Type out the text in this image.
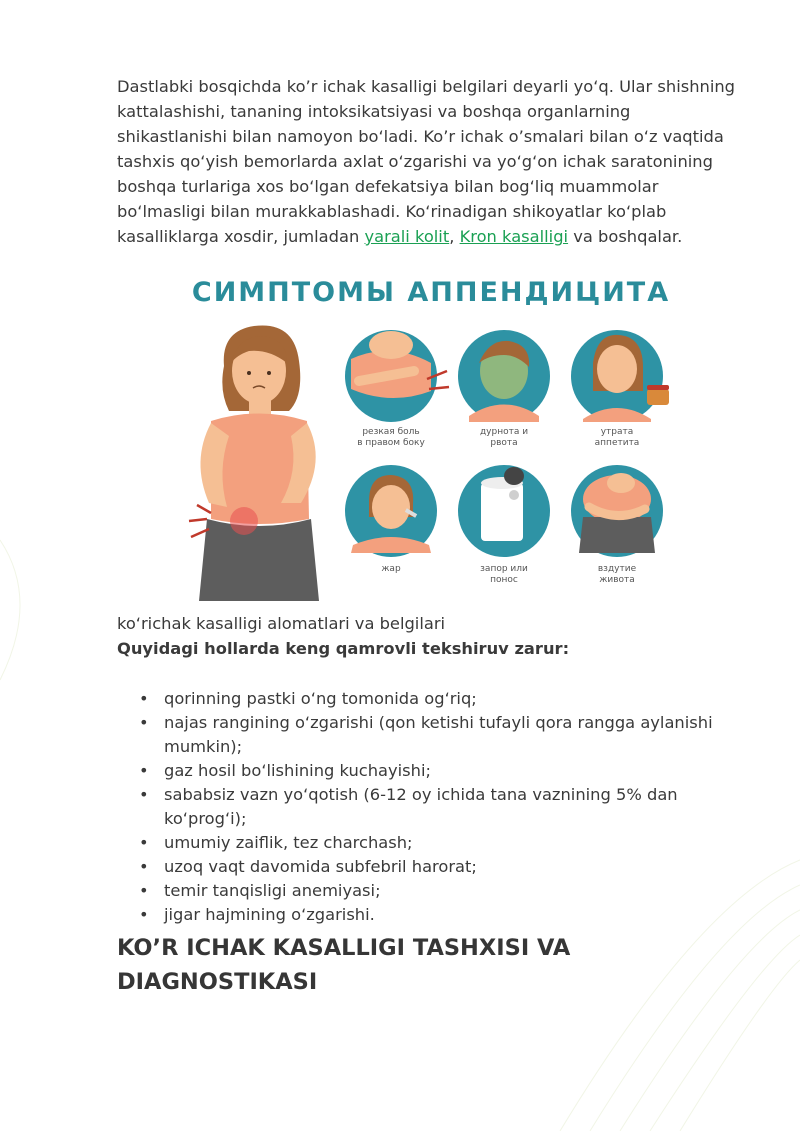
Dastlabki bosqichda ko’r ichak kasalligi belgilari deyarli yo‘q. Ular shishning kattalashishi, tananing intoksikatsiyasi va boshqa organlarning shikastlanishi bilan namoyon bo‘ladi. Ko’r ichak o’smalari bilan o‘z vaqtida tashxis qo‘yish bemorlarda axlat o‘zgarishi va yo‘g‘on ichak saratonining boshqa turlariga xos bo‘lgan defekatsiya bilan bog‘liq muammolar bo‘lmasligi bilan murakkablashadi. Ko‘rinadigan shikoyatlar ko‘plab kasalliklarga xosdir, jumladan yarali kolit, Kron kasalligi va boshqalar.

СИМПТОМЫ АППЕНДИЦИТА
резкая боль
в правом боку
дурнота и
рвота
утрата
аппетита
жар	запор или
понос
вздутие
живота

ko‘richak kasalligi alomatlari va belgilari

Quyidagi hollarda keng qamrovli tekshiruv zarur:

• qorinning pastki o‘ng tomonida og‘riq;
• najas rangining o‘zgarishi (qon ketishi tufayli qora rangga aylanishi mumkin);
• gaz hosil bo‘lishining kuchayishi;
• sababsiz vazn yo‘qotish (6-12 oy ichida tana vaznining 5% dan ko‘prog‘i);
• umumiy zaiflik, tez charchash;
• uzoq vaqt davomida subfebril harorat;
• temir tanqisligi anemiyasi;
• jigar hajmining o‘zgarishi.
KO’R ICHAK KASALLIGI TASHXISI VA DIAGNOSTIKASI
